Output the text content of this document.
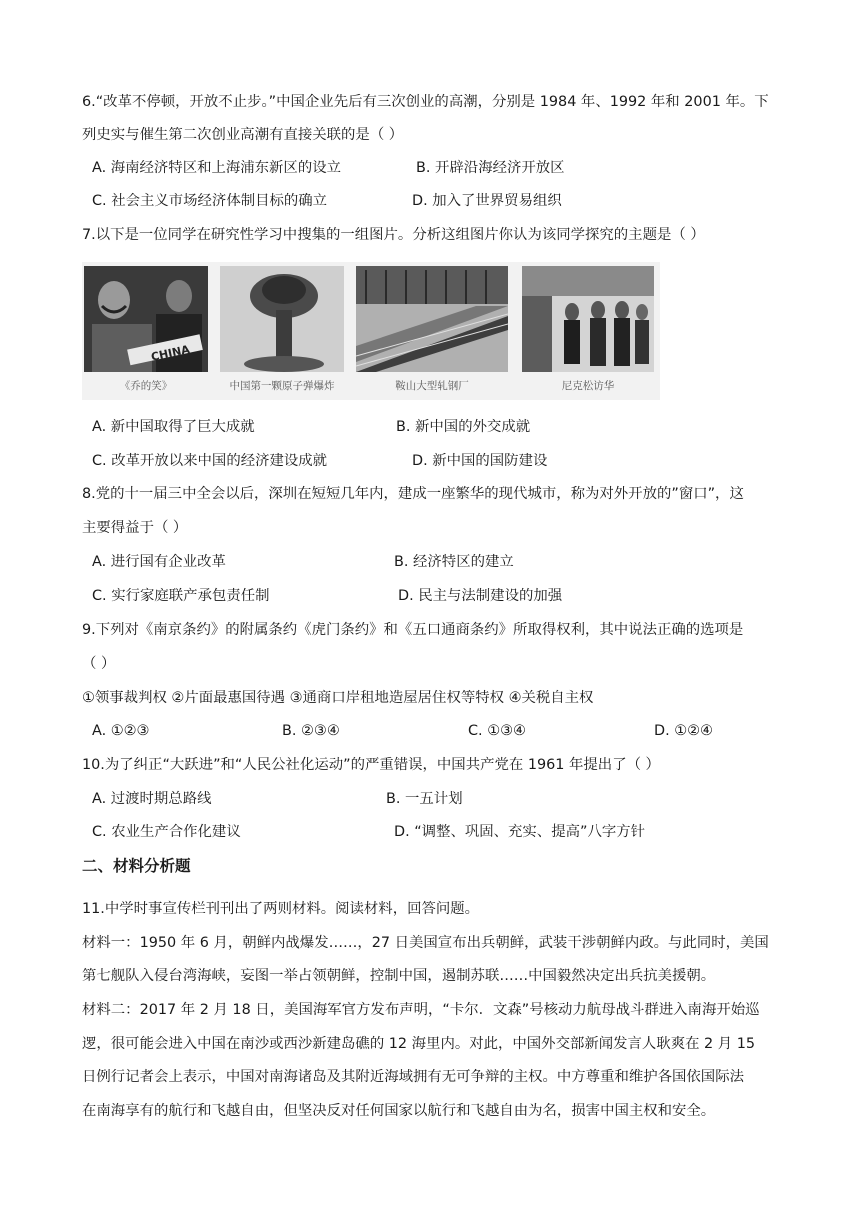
6.“改革不停顿，开放不止步。”中国企业先后有三次创业的高潮，分别是 1984 年、1992 年和 2001 年。下
列史实与催生第二次创业高潮有直接关联的是（ ）
A. 海南经济特区和上海浦东新区的设立	B. 开辟沿海经济开放区
C. 社会主义市场经济体制目标的确立	D. 加入了世界贸易组织
7.以下是一位同学在研究性学习中搜集的一组图片。分析这组图片你认为该同学探究的主题是（ ）
CHINA
《乔的笑》	中国第一颗原子弹爆炸	鞍山大型轧钢厂	尼克松访华
A. 新中国取得了巨大成就	B. 新中国的外交成就
C. 改革开放以来中国的经济建设成就	D. 新中国的国防建设
8.党的十一届三中全会以后，深圳在短短几年内，建成一座繁华的现代城市，称为对外开放的”窗口”，这
主要得益于（ ）
A. 进行国有企业改革	B. 经济特区的建立
C. 实行家庭联产承包责任制	D. 民主与法制建设的加强
9.下列对《南京条约》的附属条约《虎门条约》和《五口通商条约》所取得权利，其中说法正确的选项是
（ ）
①领事裁判权 ②片面最惠国待遇 ③通商口岸租地造屋居住权等特权 ④关税自主权
A. ①②③	B. ②③④	C. ①③④	D. ①②④
10.为了纠正“大跃进”和“人民公社化运动”的严重错误，中国共产党在 1961 年提出了（ ）
A. 过渡时期总路线	B. 一五计划
C. 农业生产合作化建议	D. “调整、巩固、充实、提高”八字方针
二、材料分析题
11.中学时事宣传栏刊刊出了两则材料。阅读材料，回答问题。
材料一：1950 年 6 月，朝鲜内战爆发……，27 日美国宣布出兵朝鲜，武装干涉朝鲜内政。与此同时，美国
第七舰队入侵台湾海峡，妄图一举占领朝鲜，控制中国，遏制苏联……中国毅然决定出兵抗美援朝。
材料二：2017 年 2 月 18 日，美国海军官方发布声明，“卡尔．文森”号核动力航母战斗群进入南海开始巡
逻，很可能会进入中国在南沙或西沙新建岛礁的 12 海里内。对此，中国外交部新闻发言人耿爽在 2 月 15
日例行记者会上表示，中国对南海诸岛及其附近海域拥有无可争辩的主权。中方尊重和维护各国依国际法
在南海享有的航行和飞越自由，但坚决反对任何国家以航行和飞越自由为名，损害中国主权和安全。
